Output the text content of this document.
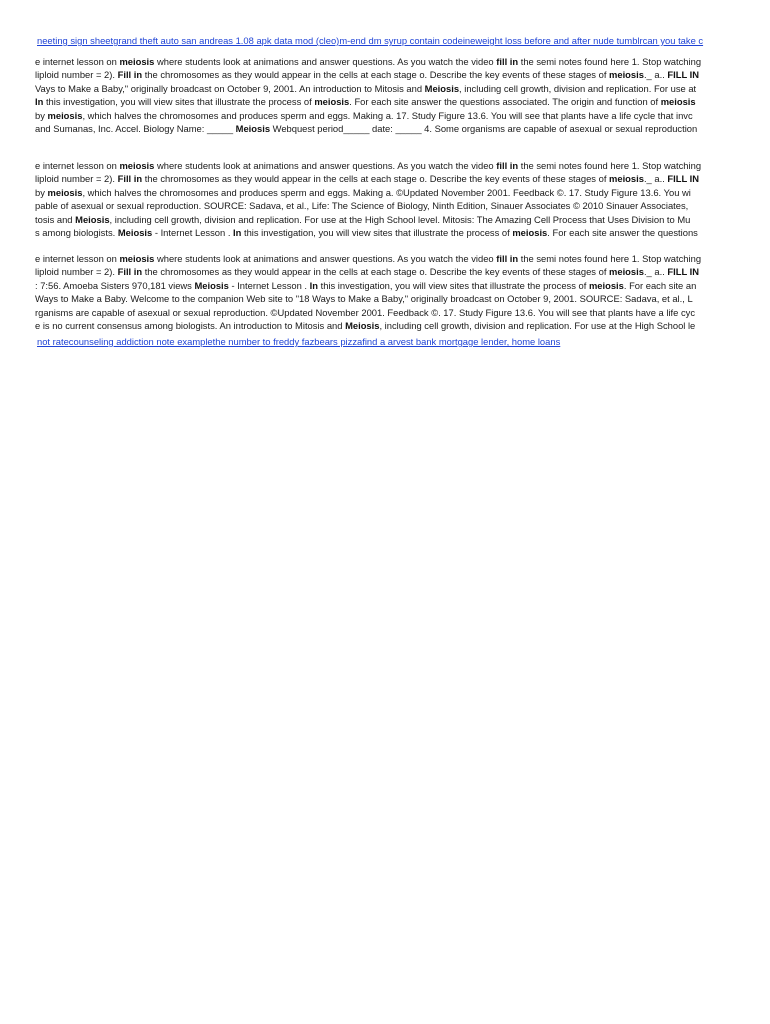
neeting sign sheetgrand theft auto san andreas 1.08 apk data mod (cleo)m-end dm syrup contain codeineweight loss before and after nude tumblrcan you take c
e internet lesson on meiosis where students look at animations and answer questions. As you watch the video fill in the semi notes found here 1. Stop watching
liploid number = 2). Fill in the chromosomes as they would appear in the cells at each stage o. Describe the key events of these stages of meiosis._ a.. FILL IN
Vays to Make a Baby," originally broadcast on October 9, 2001. An introduction to Mitosis and Meiosis, including cell growth, division and replication. For use at
In this investigation, you will view sites that illustrate the process of meiosis. For each site answer the questions associated. The origin and function of meiosis
by meiosis, which halves the chromosomes and produces sperm and eggs. Making a. 17. Study Figure 13.6. You will see that plants have a life cycle that invc
and Sumanas, Inc. Accel. Biology Name: _____ Meiosis Webquest period_____ date: _____ 4. Some organisms are capable of asexual or sexual reproduction
e internet lesson on meiosis where students look at animations and answer questions. As you watch the video fill in the semi notes found here 1. Stop watching
liploid number = 2). Fill in the chromosomes as they would appear in the cells at each stage o. Describe the key events of these stages of meiosis._ a.. FILL IN
by meiosis, which halves the chromosomes and produces sperm and eggs. Making a. ©Updated November 2001. Feedback ©. 17. Study Figure 13.6. You wi
pable of asexual or sexual reproduction. SOURCE: Sadava, et al., Life: The Science of Biology, Ninth Edition, Sinauer Associates © 2010 Sinauer Associates,
tosis and Meiosis, including cell growth, division and replication. For use at the High School level. Mitosis: The Amazing Cell Process that Uses Division to Mu
s among biologists. Meiosis - Internet Lesson . In this investigation, you will view sites that illustrate the process of meiosis. For each site answer the questions
e internet lesson on meiosis where students look at animations and answer questions. As you watch the video fill in the semi notes found here 1. Stop watching
liploid number = 2). Fill in the chromosomes as they would appear in the cells at each stage o. Describe the key events of these stages of meiosis._ a.. FILL IN
: 7:56. Amoeba Sisters 970,181 views Meiosis - Internet Lesson . In this investigation, you will view sites that illustrate the process of meiosis. For each site an
Ways to Make a Baby. Welcome to the companion Web site to "18 Ways to Make a Baby," originally broadcast on October 9, 2001. SOURCE: Sadava, et al., L
rganisms are capable of asexual or sexual reproduction. ©Updated November 2001. Feedback ©. 17. Study Figure 13.6. You will see that plants have a life cyc
e is no current consensus among biologists. An introduction to Mitosis and Meiosis, including cell growth, division and replication. For use at the High School le
not ratecounseling addiction note examplethe number to freddy fazbears pizzafind a arvest bank mortgage lender, home loans
